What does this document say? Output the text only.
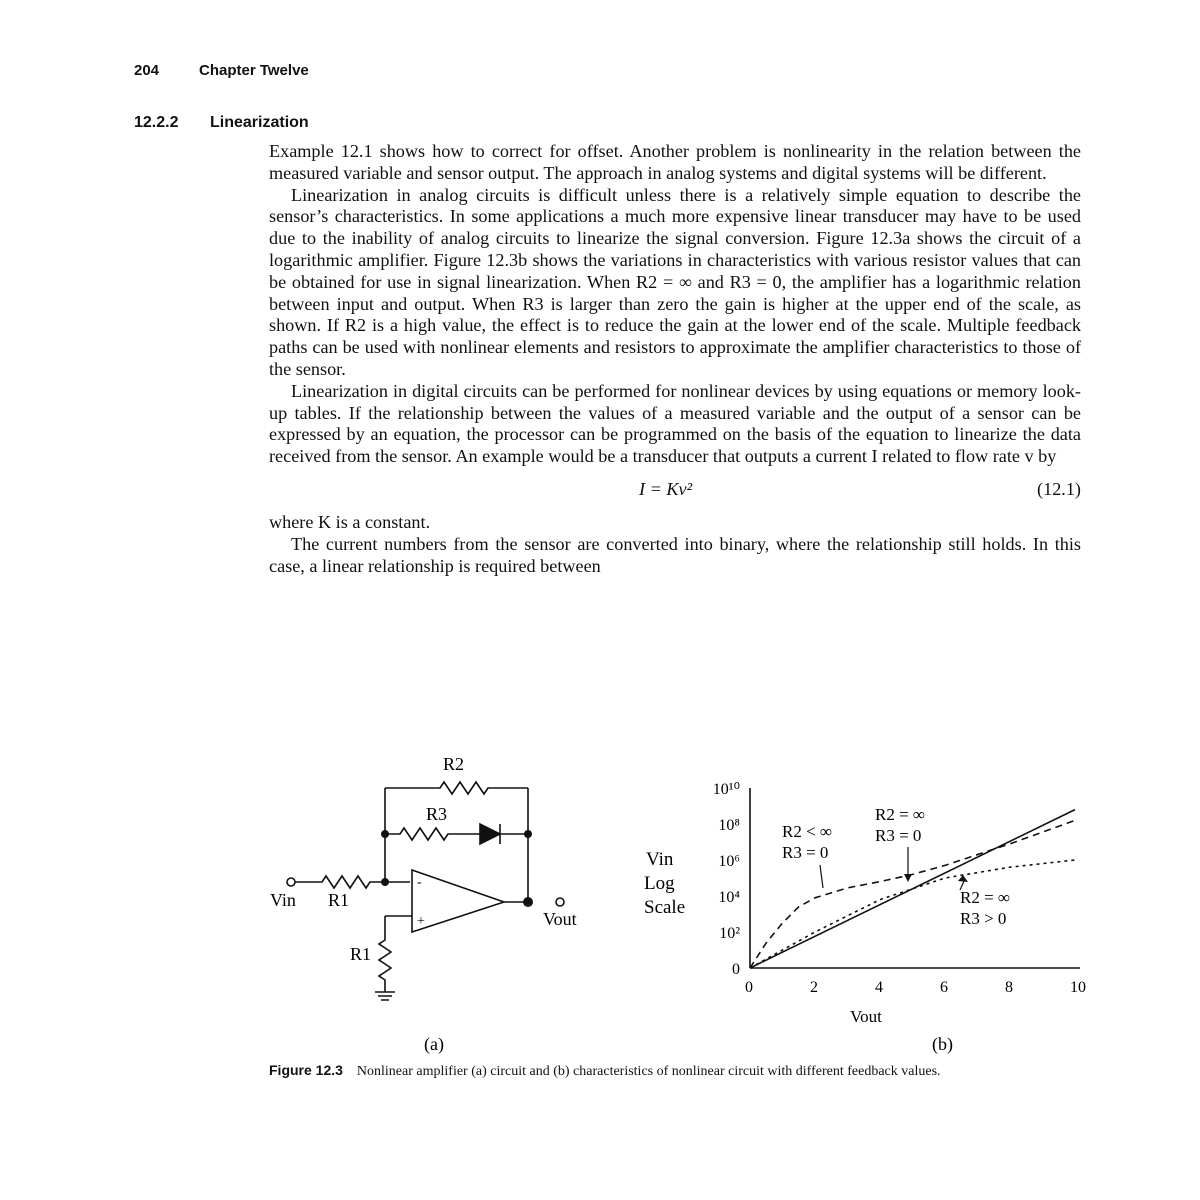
204	Chapter Twelve
12.2.2 Linearization

Example 12.1 shows how to correct for offset. Another problem is nonlinearity in the relation between the measured variable and sensor output. The approach in analog systems and digital systems will be different.

Linearization in analog circuits is difficult unless there is a relatively simple equation to describe the sensor’s characteristics. In some applications a much more expensive linear transducer may have to be used due to the inability of analog circuits to linearize the signal conversion. Figure 12.3a shows the circuit of a logarithmic amplifier. Figure 12.3b shows the variations in characteristics with various resistor values that can be obtained for use in signal linearization. When R2 = ∞ and R3 = 0, the amplifier has a logarithmic relation between input and output. When R3 is larger than zero the gain is higher at the upper end of the scale, as shown. If R2 is a high value, the effect is to reduce the gain at the lower end of the scale. Multiple feedback paths can be used with nonlinear elements and resistors to approximate the amplifier characteristics to those of the sensor.

Linearization in digital circuits can be performed for nonlinear devices by using equations or memory look-up tables. If the relationship between the values of a measured variable and the output of a sensor can be expressed by an equation, the processor can be programmed on the basis of the equation to linearize the data received from the sensor. An example would be a transducer that outputs a current I related to flow rate v by

I = Kv²	(12.1)

where K is a constant.

The current numbers from the sensor are converted into binary, where the relationship still holds. In this case, a linear relationship is required between

-
+
R2
R3
Vin R1
R1
Vout
(a)
Vin
Log
Scale
0	2	4	6	8	10
0
10²
10⁴
10⁶
10⁸
10¹⁰
Vout
R2 < ∞
R3 = 0
R2 = ∞
R3 = 0
R2 = ∞
R3 > 0
(b)
Figure 12.3 Nonlinear amplifier (a) circuit and (b) characteristics of nonlinear circuit with different feedback values.
